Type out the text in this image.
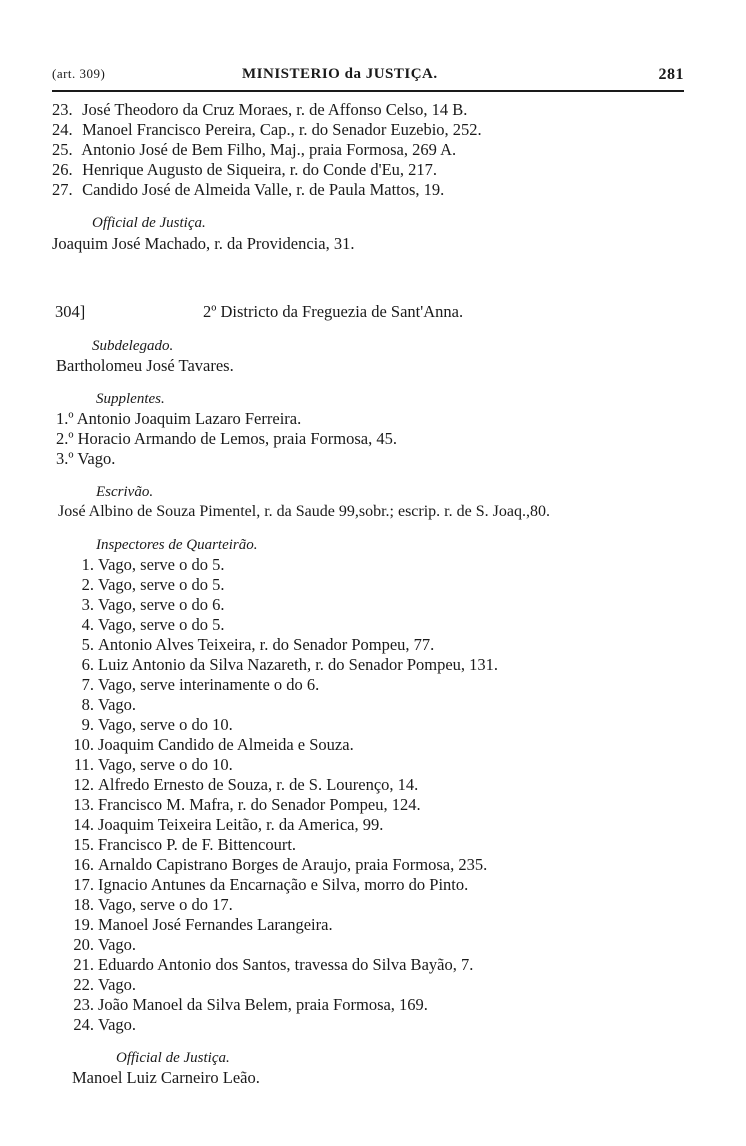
(art. 309)	MINISTERIO da JUSTIÇA.	281
23. José Theodoro da Cruz Moraes, r. de Affonso Celso, 14 B.
24. Manoel Francisco Pereira, Cap., r. do Senador Euzebio, 252.
25. Antonio José de Bem Filho, Maj., praia Formosa, 269 A.
26. Henrique Augusto de Siqueira, r. do Conde d'Eu, 217.
27. Candido José de Almeida Valle, r. de Paula Mattos, 19.
Official de Justiça.
Joaquim José Machado, r. da Providencia, 31.
304]	2º Districto da Freguezia de Sant'Anna.
Subdelegado.
Bartholomeu José Tavares.
Supplentes.
1.º Antonio Joaquim Lazaro Ferreira.
2.º Horacio Armando de Lemos, praia Formosa, 45.
3.º Vago.
Escrivão.
José Albino de Souza Pimentel, r. da Saude 99,sobr.; escrip. r. de S. Joaq.,80.
Inspectores de Quarteirão.
1. Vago, serve o do 5.
2. Vago, serve o do 5.
3. Vago, serve o do 6.
4. Vago, serve o do 5.
5. Antonio Alves Teixeira, r. do Senador Pompeu, 77.
6. Luiz Antonio da Silva Nazareth, r. do Senador Pompeu, 131.
7. Vago, serve interinamente o do 6.
8. Vago.
9. Vago, serve o do 10.
10. Joaquim Candido de Almeida e Souza.
11. Vago, serve o do 10.
12. Alfredo Ernesto de Souza, r. de S. Lourenço, 14.
13. Francisco M. Mafra, r. do Senador Pompeu, 124.
14. Joaquim Teixeira Leitão, r. da America, 99.
15. Francisco P. de F. Bittencourt.
16. Arnaldo Capistrano Borges de Araujo, praia Formosa, 235.
17. Ignacio Antunes da Encarnação e Silva, morro do Pinto.
18. Vago, serve o do 17.
19. Manoel José Fernandes Larangeira.
20. Vago.
21. Eduardo Antonio dos Santos, travessa do Silva Bayão, 7.
22. Vago.
23. João Manoel da Silva Belem, praia Formosa, 169.
24. Vago.
Official de Justiça.
Manoel Luiz Carneiro Leão.
